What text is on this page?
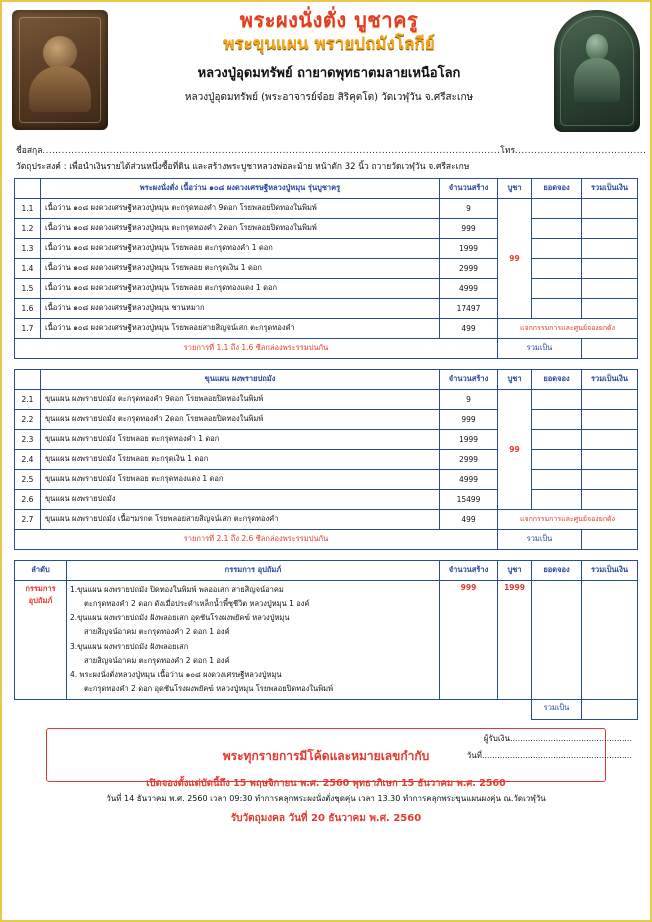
พระผงนั่งตั่ง บูชาครู
พระขุนแผน พรายปถมังโลกีย์
หลวงปู่อุดมทรัพย์ ถายาดพุทธาตมลายเหนือโลก
หลวงปู่อุดมทรัพย์ (พระอาจารย์จ๋อย สิริคุตโต) วัดเวฬุวัน จ.ศรีสะเกษ
ชื่อสกุล...............................................................................................................................................โทร.........................................
วัตถุประสงค์ : เพื่อนำเงินรายได้ส่วนหนึ่งซื้อที่ดิน และสร้างพระบูชาหลวงพ่อละม้าย หน้าตัก 32 นิ้ว ถวายวัดเวฬุวัน จ.ศรีสะเกษ
	พระผงนั่งตั่ง เนื้อว่าน ๑๐๘ ผงดวงเศรษฐีหลวงปู่หมุน รุ่นบูชาครู	จำนวนสร้าง	บูชา	ยอดจอง	รวมเป็นเงิน
1.1	เนื้อว่าน ๑๐๘ ผงดวงเศรษฐีหลวงปู่หมุน ตะกรุดทองคำ 9ดอก โรยพลอยปิดทองในพิมพ์	9	99		
1.2	เนื้อว่าน ๑๐๘ ผงดวงเศรษฐีหลวงปู่หมุน ตะกรุดทองคำ 2ดอก โรยพลอยปิดทองในพิมพ์	999			
1.3	เนื้อว่าน ๑๐๘ ผงดวงเศรษฐีหลวงปู่หมุน โรยพลอย ตะกรุดทองคำ 1 ดอก	1999			
1.4	เนื้อว่าน ๑๐๘ ผงดวงเศรษฐีหลวงปู่หมุน โรยพลอย ตะกรุดเงิน 1 ดอก	2999			
1.5	เนื้อว่าน ๑๐๘ ผงดวงเศรษฐีหลวงปู่หมุน โรยพลอย ตะกรุดทองแดง 1 ดอก	4999			
1.6	เนื้อว่าน ๑๐๘ ผงดวงเศรษฐีหลวงปู่หมุน ชานหมาก	17497			
1.7	เนื้อว่าน ๑๐๘ ผงดวงเศรษฐีหลวงปู่หมุน โรยพลอยสายสิญจน์เสก ตะกรุดทองคำ	499	แจกกรรมการและศูนย์จองยกดัง		
รายการที่ 1.1 ถึง 1.6 ซีลกล่องพระรรมปนกัน			รวมเป็น		
	ขุนแผน ผงพรายปถมัง	จำนวนสร้าง	บูชา	ยอดจอง	รวมเป็นเงิน
2.1	ขุนแผน ผงพรายปถมัง ตะกรุดทองคำ 9ดอก โรยพลอยปิดทองในพิมพ์	9	99		
2.2	ขุนแผน ผงพรายปถมัง ตะกรุดทองคำ 2ดอก โรยพลอยปิดทองในพิมพ์	999			
2.3	ขุนแผน ผงพรายปถมัง โรยพลอย ตะกรุดทองคำ 1 ดอก	1999			
2.4	ขุนแผน ผงพรายปถมัง โรยพลอย ตะกรุดเงิน 1 ดอก	2999			
2.5	ขุนแผน ผงพรายปถมัง โรยพลอย ตะกรุดทองแดง 1 ดอก	4999			
2.6	ขุนแผน ผงพรายปถมัง	15499			
2.7	ขุนแผน ผงพรายปถมัง เนื้อฯมรกต โรยพลอยสายสิญจน์เสก ตะกรุดทองคำ	499	แจกกรรมการและศูนย์จองยกดัง		
รายการที่ 2.1 ถึง 2.6 ซีลกล่องพระรรมปนกัน			รวมเป็น		
ลำดับ	กรรมการ อุปถัมภ์	จำนวนสร้าง	บูชา	ยอดจอง	รวมเป็นเงิน
กรรมการ
อุปถัมภ์	
1.ขุนแผน ผงพรายปถมัง ปิดทองในพิมพ์ พลออเสก สายสิญจน์อาคม
ตะกรุดทองคำ 2 ดอก ดังเมื่อประดำเหล็กน้ำพี้ชุชีวิต หลวงปู่หมุน 1 องค์
2.ขุนแผน ผงพรายปถมัง ฝังพลอยเสก อุดชันโรงผงพยัคฆ์ หลวงปู่หมุน
สายสิญจน์อาคม ตะกรุดทองคำ 2 ดอก 1 องค์
3.ขุนแผน ผงพรายปถมัง ฝังพลอยเสก
สายสิญจน์อาคม ตะกรุดทองคำ 2 ดอก 1 องค์
4. พระผงนั่งตั่งหลวงปู่หมุน เนื้อว่าน ๑๐๘ ผงดวงเศรษฐีหลวงปู่หมุน
ตะกรุดทองคำ 2 ดอก อุดชันโรงผงพยัคฆ์ หลวงปู่หมุน โรยพลอยปิดทองในพิมพ์
	999	1999		
				รวมเป็น	
พระทุกรายการมีโค้ดและหมายเลขกำกับ
ผู้รับเงิน................................................
วันที่...........................................................
เปิดจองตั้งแต่บัดนี้ถึง 15 พฤษจิกายน พ.ศ. 2560 พุทธาภิเษก 15 ธันวาคม พ.ศ. 2560
วันที่ 14 ธันวาคม พ.ศ. 2560 เวลา 09:30 ทำการคลุกพระผงนั่งตั่งชุดคุ่น เวลา 13.30 ทำการคลุกพระขุนแผนผงคุ่น ณ.วัดเวฬุวัน
รับวัตถุมงคล วันที่ 20 ธันวาคม พ.ศ. 2560
